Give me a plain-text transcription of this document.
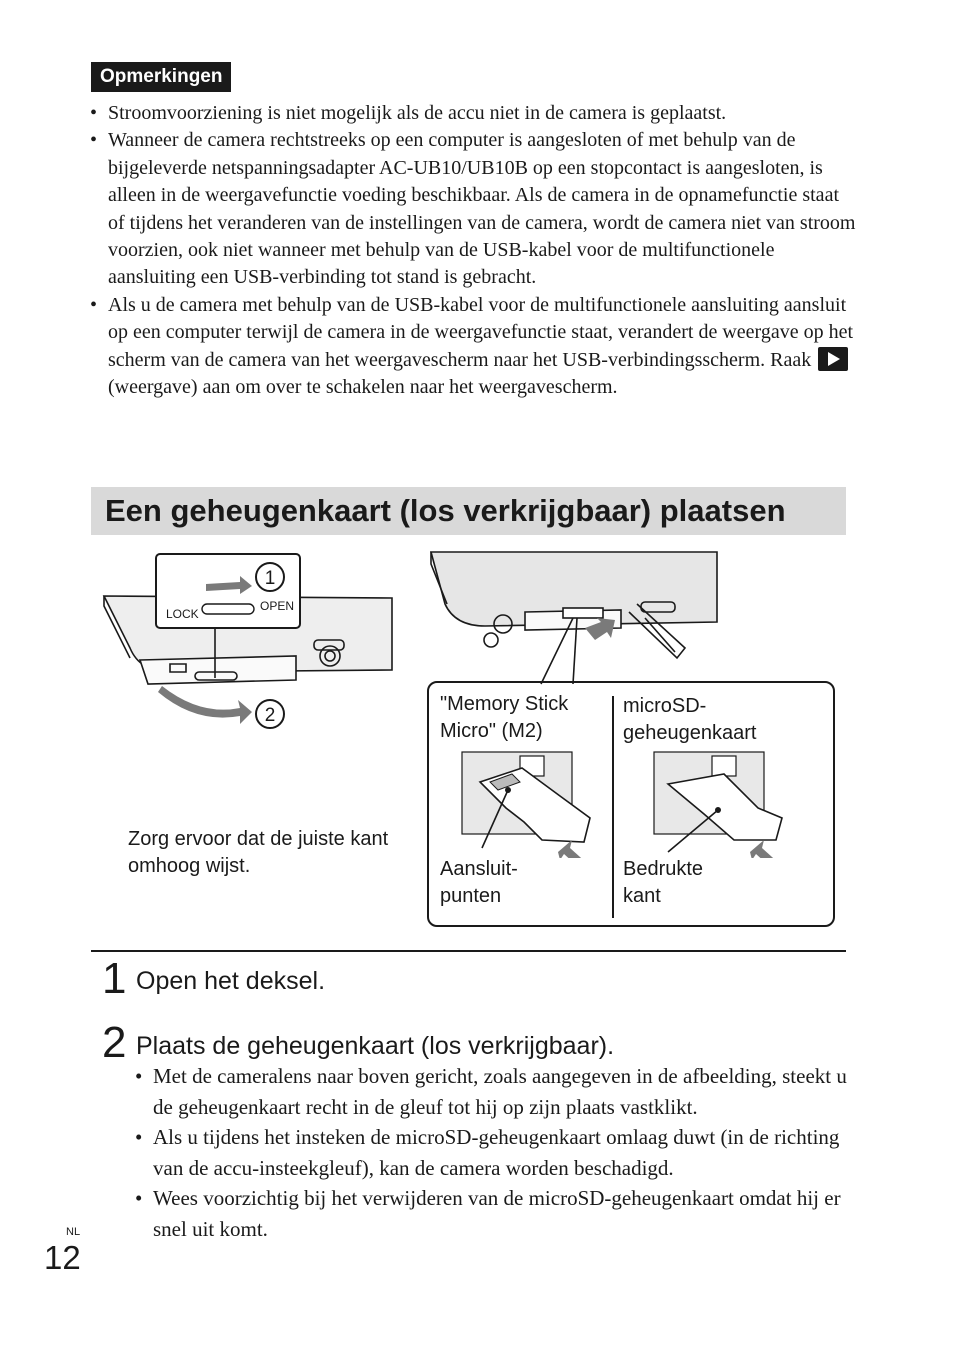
Opmerkingen
• Stroomvoorziening is niet mogelijk als de accu niet in de camera is geplaatst.
• Wanneer de camera rechtstreeks op een computer is aangesloten of met behulp van de bijgeleverde netspanningsadapter AC-UB10/UB10B op een stopcontact is aangesloten, is alleen in de weergavefunctie voeding beschikbaar. Als de camera in de opnamefunctie staat of tijdens het veranderen van de instellingen van de camera, wordt de camera niet van stroom voorzien, ook niet wanneer met behulp van de USB-kabel voor de multifunctionele aansluiting een USB-verbinding tot stand is gebracht.
• Als u de camera met behulp van de USB-kabel voor de multifunctionele aansluiting aansluit op een computer terwijl de camera in de weergavefunctie staat, verandert de weergave op het scherm van de camera van het weergavescherm naar het USB-verbindingsscherm. Raak  (weergave) aan om over te schakelen naar het weergavescherm.
Een geheugenkaart (los verkrijgbaar) plaatsen
LOCK
OPEN
1
2
Zorg ervoor dat de juiste kant omhoog wijst.
"Memory Stick
Micro" (M2)
microSD-
geheugenkaart
Aansluit-
punten
Bedrukte
kant
1 Open het deksel.
2 Plaats de geheugenkaart (los verkrijgbaar).
• Met de cameralens naar boven gericht, zoals aangegeven in de afbeelding, steekt u de geheugenkaart recht in de gleuf tot hij op zijn plaats vastklikt.
• Als u tijdens het insteken de microSD-geheugenkaart omlaag duwt (in de richting van de accu-insteekgleuf), kan de camera worden beschadigd.
• Wees voorzichtig bij het verwijderen van de microSD-geheugenkaart omdat hij er snel uit komt.
NL
12
